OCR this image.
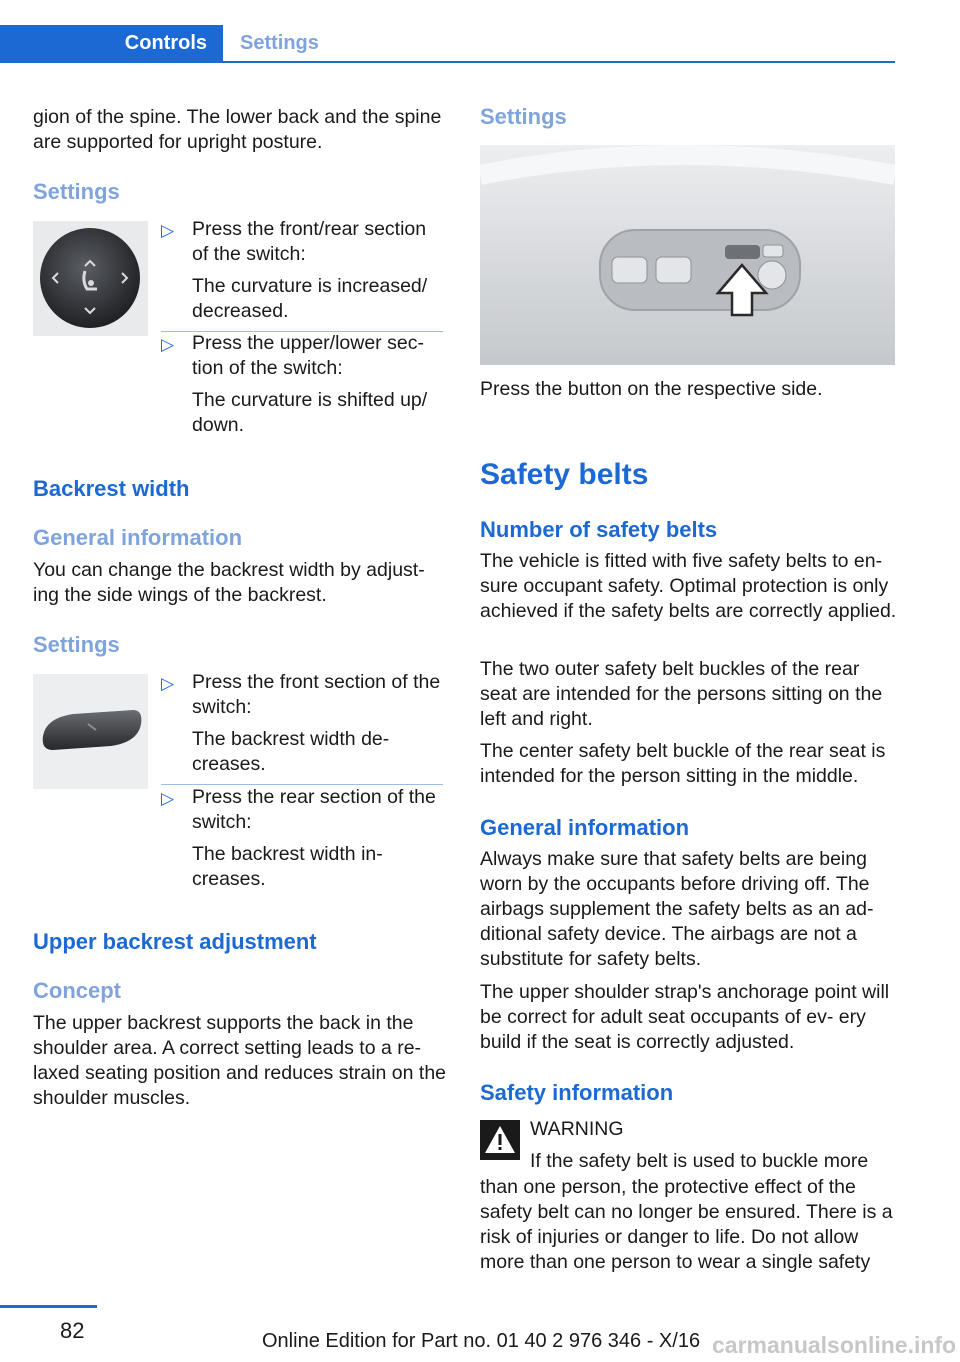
Controls	Settings
gion of the spine. The lower back and the spine are supported for upright posture.
Settings
▷ Press the front/rear section of the switch:
The curvature is increased/ decreased.
▷ Press the upper/lower sec- tion of the switch:
The curvature is shifted up/ down.
Backrest width
General information
You can change the backrest width by adjust- ing the side wings of the backrest.
Settings
▷ Press the front section of the switch:
The backrest width de- creases.
▷ Press the rear section of the switch:
The backrest width in- creases.
Upper backrest adjustment
Concept
The upper backrest supports the back in the shoulder area. A correct setting leads to a re- laxed seating position and reduces strain on the shoulder muscles.
Settings
Press the button on the respective side.
Safety belts
Number of safety belts
The vehicle is fitted with five safety belts to en- sure occupant safety. Optimal protection is only achieved if the safety belts are correctly applied.
The two outer safety belt buckles of the rear seat are intended for the persons sitting on the left and right.
The center safety belt buckle of the rear seat is intended for the person sitting in the middle.
General information
Always make sure that safety belts are being worn by the occupants before driving off. The airbags supplement the safety belts as an ad- ditional safety device. The airbags are not a substitute for safety belts.
The upper shoulder strap's anchorage point will be correct for adult seat occupants of ev- ery build if the seat is correctly adjusted.
Safety information
WARNING
If the safety belt is used to buckle more
than one person, the protective effect of the safety belt can no longer be ensured. There is a risk of injuries or danger to life. Do not allow more than one person to wear a single safety
82	Online Edition for Part no. 01 40 2 976 346 - X/16 carmanualsonline.info
